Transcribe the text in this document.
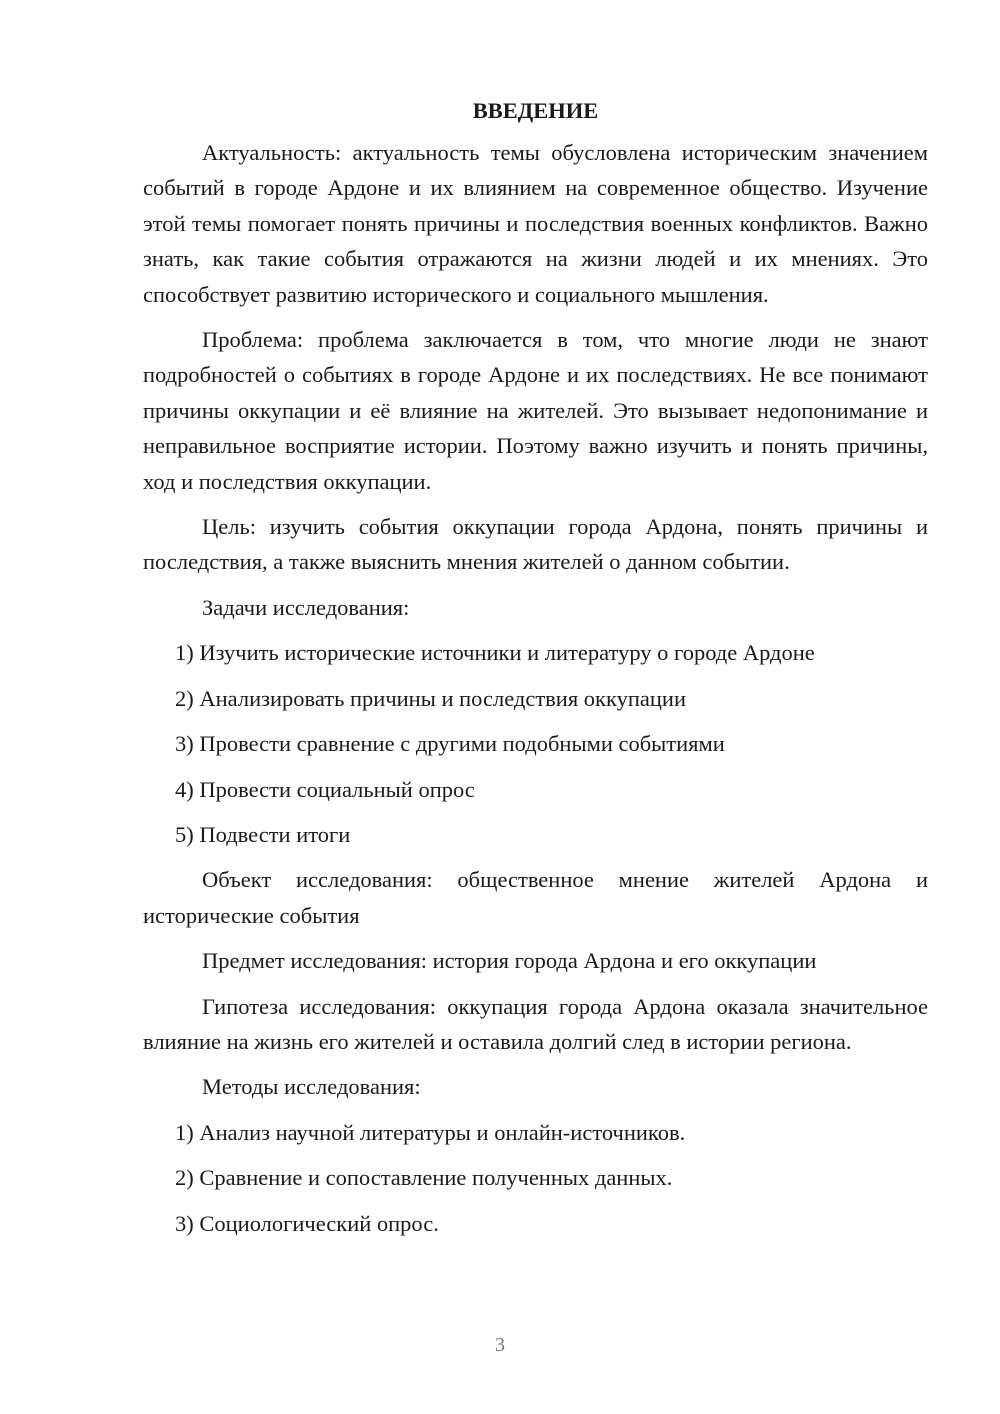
ВВЕДЕНИЕ

Актуальность: актуальность темы обусловлена историческим значением событий в городе Ардоне и их влиянием на современное общество. Изучение этой темы помогает понять причины и последствия военных конфликтов. Важно знать, как такие события отражаются на жизни людей и их мнениях. Это способствует развитию исторического и социального мышления.

Проблема: проблема заключается в том, что многие люди не знают подробностей о событиях в городе Ардоне и их последствиях. Не все понимают причины оккупации и её влияние на жителей. Это вызывает недопонимание и неправильное восприятие истории. Поэтому важно изучить и понять причины, ход и последствия оккупации.

Цель: изучить события оккупации города Ардона, понять причины и последствия, а также выяснить мнения жителей о данном событии.

Задачи исследования:

1) Изучить исторические источники и литературу о городе Ардоне

2) Анализировать причины и последствия оккупации

3) Провести сравнение с другими подобными событиями

4) Провести социальный опрос

5) Подвести итоги

Объект исследования: общественное мнение жителей Ардона и исторические события

Предмет исследования: история города Ардона и его оккупации

Гипотеза исследования: оккупация города Ардона оказала значительное влияние на жизнь его жителей и оставила долгий след в истории региона.

Методы исследования:

1) Анализ научной литературы и онлайн-источников.

2) Сравнение и сопоставление полученных данных.

3) Социологический опрос.

3
